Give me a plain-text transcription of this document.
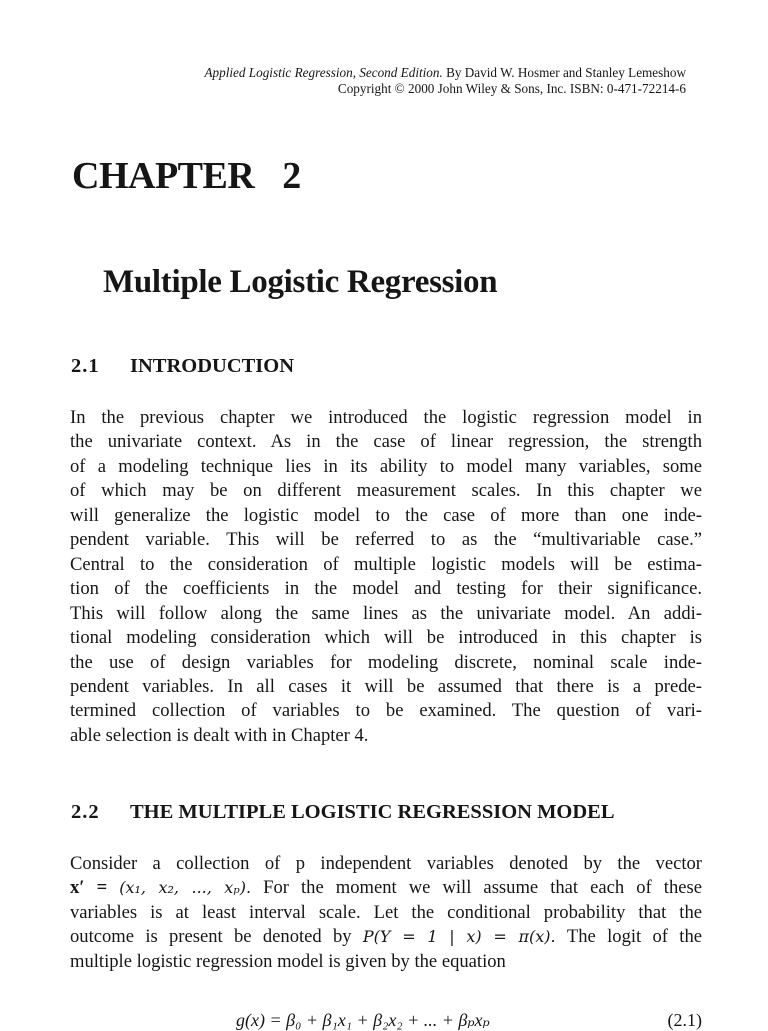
Applied Logistic Regression, Second Edition. By David W. Hosmer and Stanley Lemeshow
Copyright © 2000 John Wiley & Sons, Inc. ISBN: 0-471-72214-6
CHAPTER 2
Multiple Logistic Regression
2.1 INTRODUCTION
In the previous chapter we introduced the logistic regression model in
the univariate context. As in the case of linear regression, the strength
of a modeling technique lies in its ability to model many variables, some
of which may be on different measurement scales. In this chapter we
will generalize the logistic model to the case of more than one inde-
pendent variable. This will be referred to as the “multivariable case.”
Central to the consideration of multiple logistic models will be estima-
tion of the coefficients in the model and testing for their significance.
This will follow along the same lines as the univariate model. An addi-
tional modeling consideration which will be introduced in this chapter is
the use of design variables for modeling discrete, nominal scale inde-
pendent variables. In all cases it will be assumed that there is a prede-
termined collection of variables to be examined. The question of vari-
able selection is dealt with in Chapter 4.
2.2 THE MULTIPLE LOGISTIC REGRESSION MODEL
Consider a collection of p independent variables denoted by the vector
x′ = (x₁, x₂, ..., xₚ). For the moment we will assume that each of these
variables is at least interval scale. Let the conditional probability that the
outcome is present be denoted by P(Y = 1 | x) = π(x). The logit of the
multiple logistic regression model is given by the equation
g(x) = β₀ + β₁x₁ + β₂x₂ + ... + βₚxₚ	(2.1)
